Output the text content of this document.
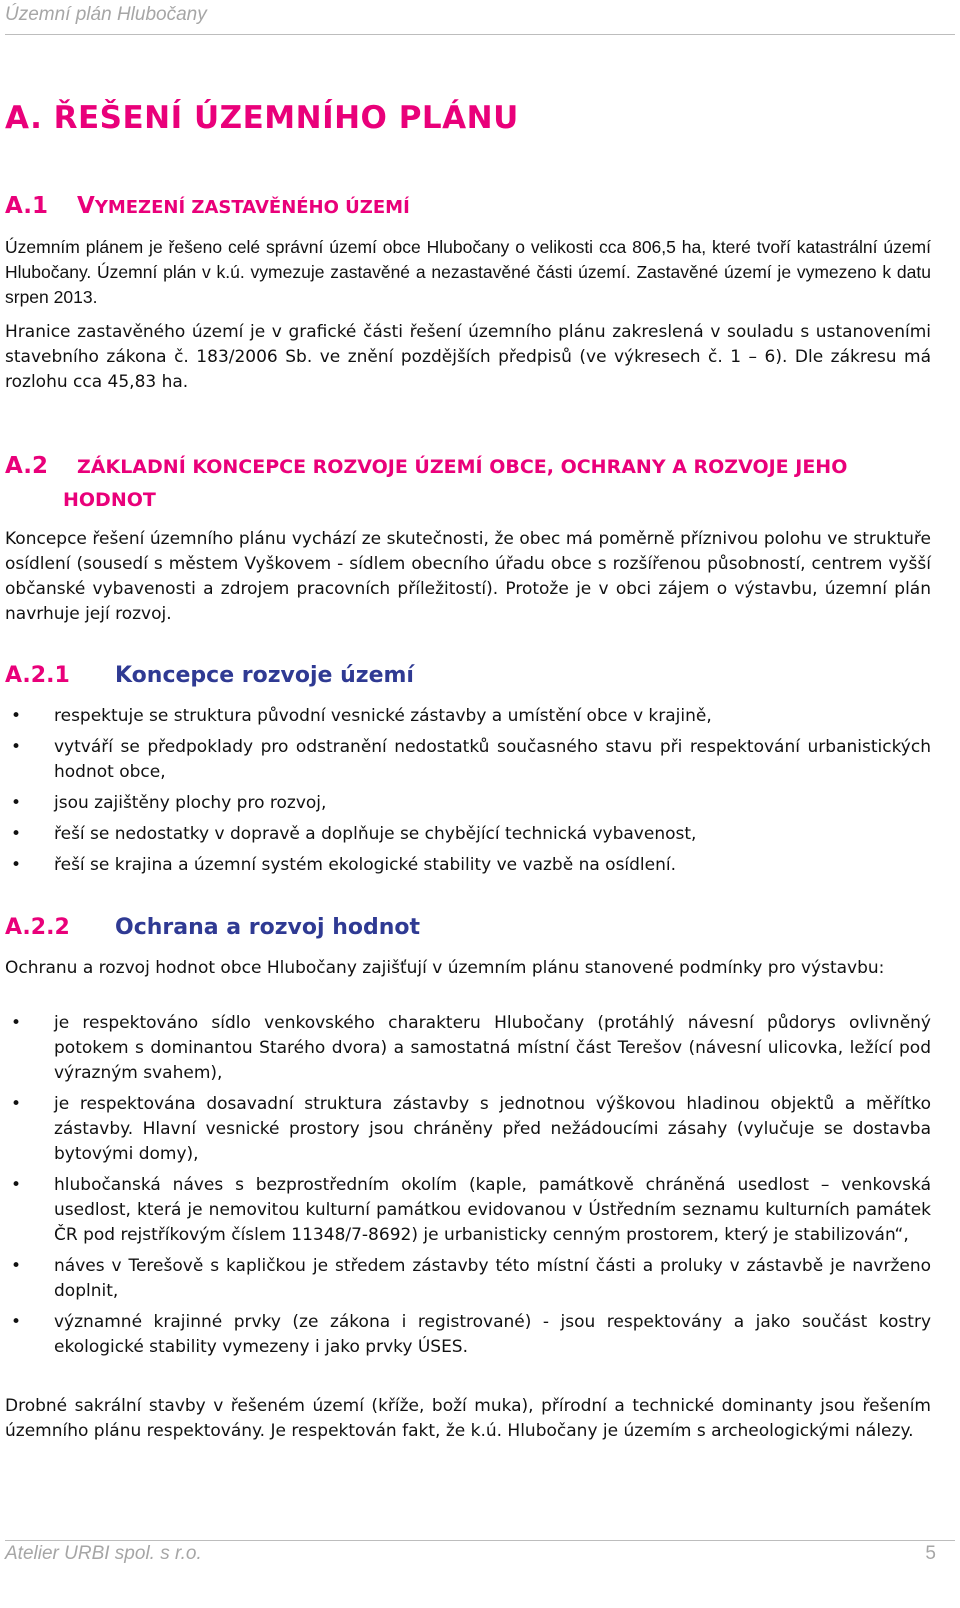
Územní plán Hlubočany
A. ŘEŠENÍ ÚZEMNÍHO PLÁNU
A.1 VYMEZENÍ ZASTAVĚNÉHO ÚZEMÍ

Územním plánem je řešeno celé správní území obce Hlubočany o velikosti cca 806,5 ha, které tvoří katastrální území Hlubočany. Územní plán v k.ú. vymezuje zastavěné a nezastavěné části území. Zastavěné území je vymezeno k datu srpen 2013.

Hranice zastavěného území je v grafické části řešení územního plánu zakreslená v souladu s ustanoveními stavebního zákona č. 183/2006 Sb. ve znění pozdějších předpisů (ve výkresech č. 1 – 6). Dle zákresu má rozlohu cca 45,83 ha.

A.2 ZÁKLADNÍ KONCEPCE ROZVOJE ÚZEMÍ OBCE, OCHRANY A ROZVOJE JEHO
HODNOT

Koncepce řešení územního plánu vychází ze skutečnosti, že obec má poměrně příznivou polohu ve struktuře osídlení (sousedí s městem Vyškovem - sídlem obecního úřadu obce s rozšířenou působností, centrem vyšší občanské vybavenosti a zdrojem pracovních příležitostí). Protože je v obci zájem o výstavbu, územní plán navrhuje její rozvoj.

A.2.1 Koncepce rozvoje území
• respektuje se struktura původní vesnické zástavby a umístění obce v krajině,
• vytváří se předpoklady pro odstranění nedostatků současného stavu při respektování urbanistických hodnot obce,
• jsou zajištěny plochy pro rozvoj,
• řeší se nedostatky v dopravě a doplňuje se chybějící technická vybavenost,
• řeší se krajina a územní systém ekologické stability ve vazbě na osídlení.
A.2.2 Ochrana a rozvoj hodnot

Ochranu a rozvoj hodnot obce Hlubočany zajišťují v územním plánu stanovené podmínky pro výstavbu:

• je respektováno sídlo venkovského charakteru Hlubočany (protáhlý návesní půdorys ovlivněný potokem s dominantou Starého dvora) a samostatná místní část Terešov (návesní ulicovka, ležící pod výrazným svahem),
• je respektována dosavadní struktura zástavby s jednotnou výškovou hladinou objektů a měřítko zástavby. Hlavní vesnické prostory jsou chráněny před nežádoucími zásahy (vylučuje se dostavba bytovými domy),
• hlubočanská náves s bezprostředním okolím (kaple, památkově chráněná usedlost – venkovská usedlost, která je nemovitou kulturní památkou evidovanou v Ústředním seznamu kulturních památek ČR pod rejstříkovým číslem 11348/7-8692) je urbanisticky cenným prostorem, který je stabilizován“,
• náves v Terešově s kapličkou je středem zástavby této místní části a proluky v zástavbě je navrženo doplnit,
• významné krajinné prvky (ze zákona i registrované) - jsou respektovány a jako součást kostry ekologické stability vymezeny i jako prvky ÚSES.

Drobné sakrální stavby v řešeném území (kříže, boží muka), přírodní a technické dominanty jsou řešením územního plánu respektovány. Je respektován fakt, že k.ú. Hlubočany je územím s archeologickými nálezy.

Atelier URBI spol. s r.o.	5
